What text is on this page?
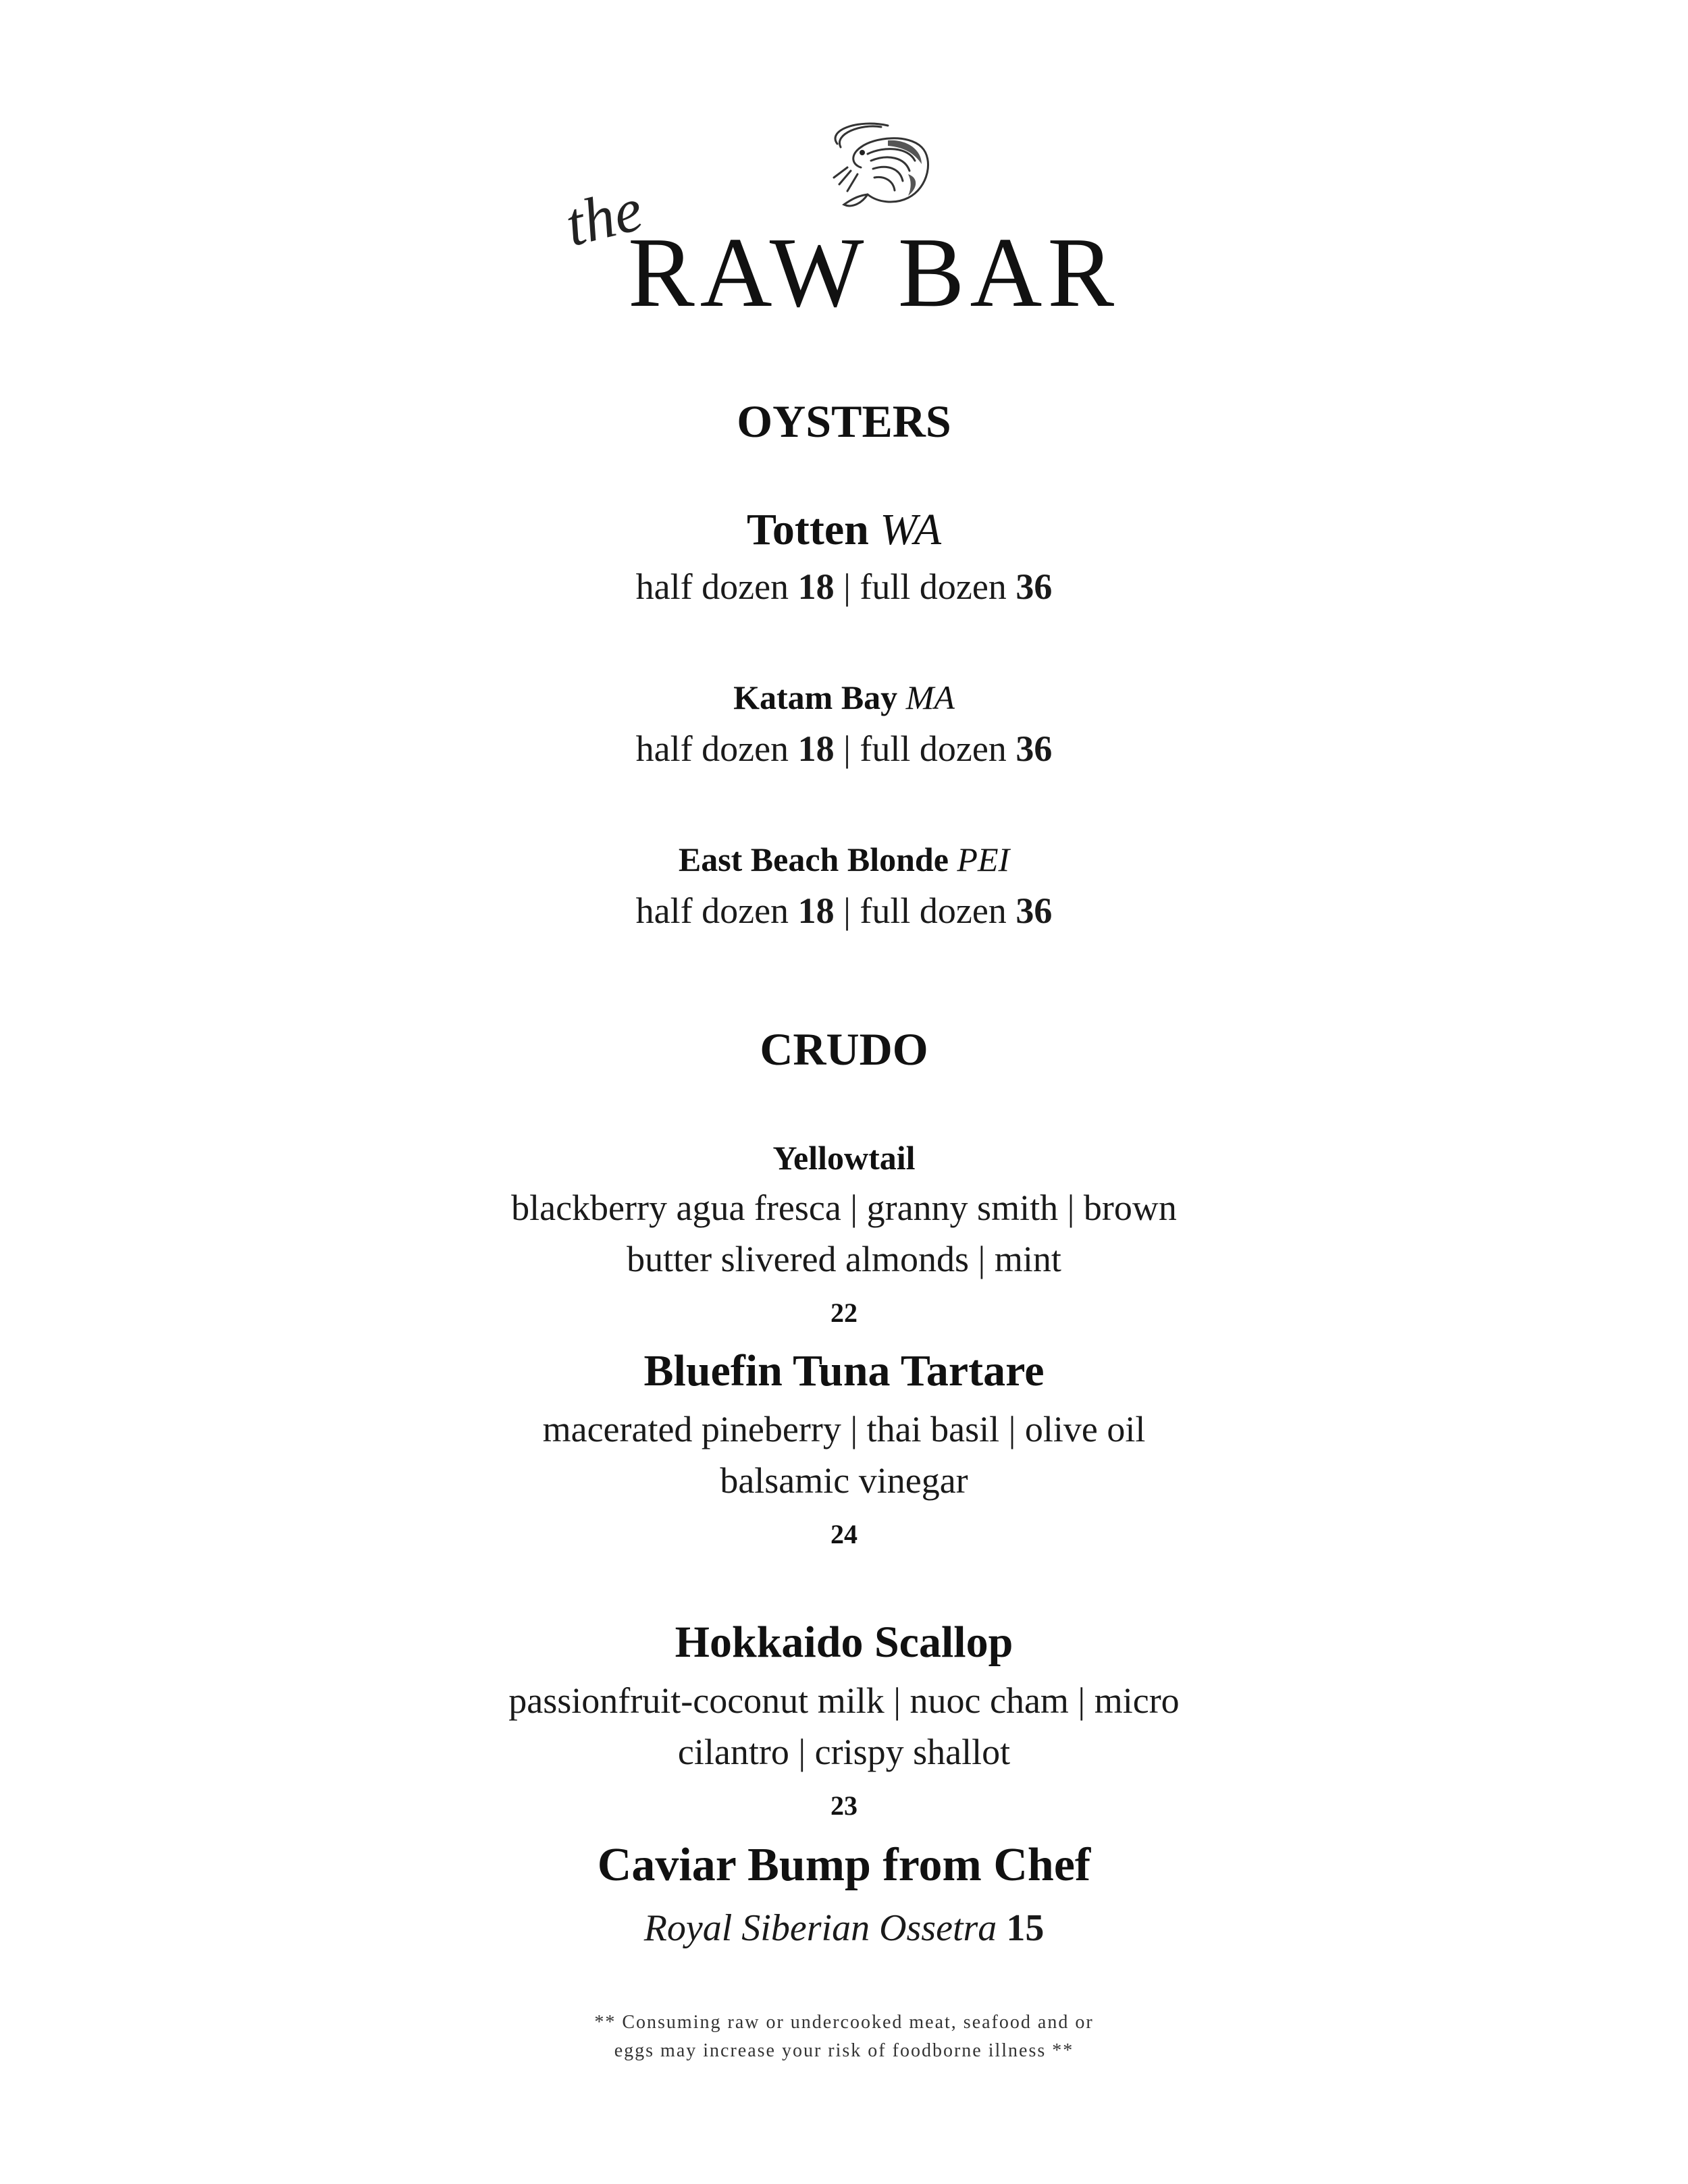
the
RAW BAR
OYSTERS
Totten WA
half dozen 18 | full dozen 36
Katam Bay MA
half dozen 18 | full dozen 36
East Beach Blonde PEI
half dozen 18 | full dozen 36
CRUDO
Yellowtail
blackberry agua fresca | granny smith | brown
butter slivered almonds | mint
22
Bluefin Tuna Tartare
macerated pineberry | thai basil | olive oil
balsamic vinegar
24
Hokkaido Scallop
passionfruit-coconut milk | nuoc cham | micro
cilantro | crispy shallot
23
Caviar Bump from Chef
Royal Siberian Ossetra 15
** Consuming raw or undercooked meat, seafood and or
eggs may increase your risk of foodborne illness **
